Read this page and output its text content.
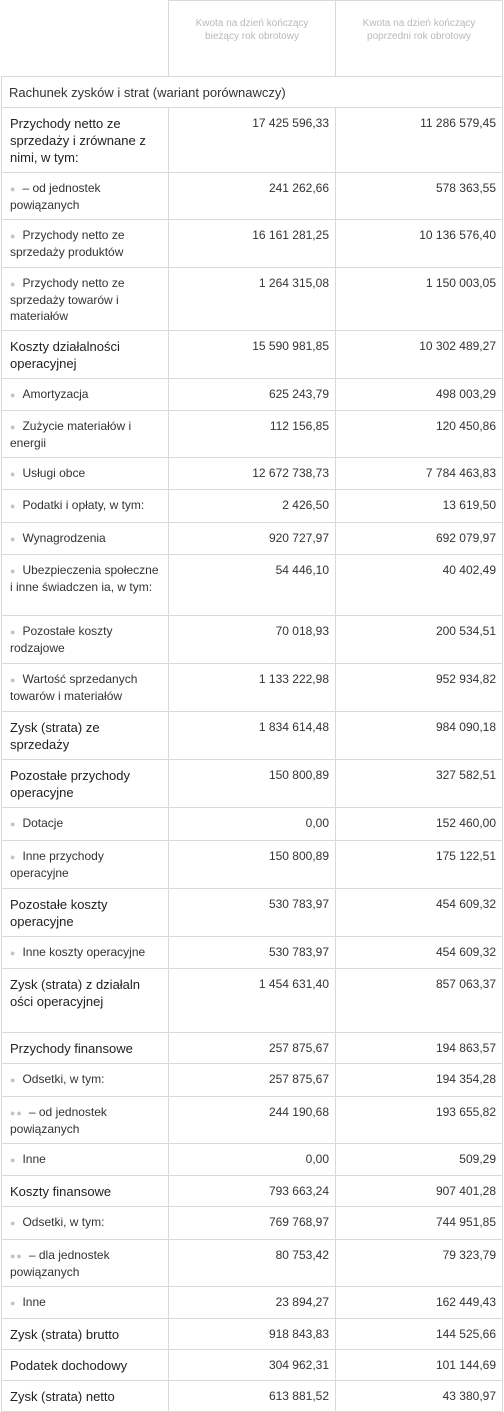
	Kwota na dzień kończący bieżący rok obrotowy	Kwota na dzień kończący poprzedni rok obrotowy

Rachunek zysków i strat (wariant porównawczy)		

Przychody netto ze sprzedaży i zrównane z nimi, w tym:	17 425 596,33	11 286 579,45

● – od jednostek powiązanych	241 262,66	578 363,55

● Przychody netto ze sprzedaży produktów	16 161 281,25	10 136 576,40

● Przychody netto ze sprzedaży towarów i materiałów	1 264 315,08	1 150 003,05

Koszty działalności operacyjnej	15 590 981,85	10 302 489,27

● Amortyzacja	625 243,79	498 003,29

● Zużycie materiałów i energii	112 156,85	120 450,86

● Usługi obce	12 672 738,73	7 784 463,83

● Podatki i opłaty, w tym:	2 426,50	13 619,50

● Wynagrodzenia	920 727,97	692 079,97

● Ubezpieczenia społeczne i inne świadczen ia, w tym:	54 446,10	40 402,49

● Pozostałe koszty rodzajowe	70 018,93	200 534,51

● Wartość sprzedanych towarów i materiałów	1 133 222,98	952 934,82

Zysk (strata) ze sprzedaży	1 834 614,48	984 090,18

Pozostałe przychody operacyjne	150 800,89	327 582,51

● Dotacje	0,00	152 460,00

● Inne przychody operacyjne	150 800,89	175 122,51

Pozostałe koszty operacyjne	530 783,97	454 609,32

● Inne koszty operacyjne	530 783,97	454 609,32

Zysk (strata) z działaln ości operacyjnej	1 454 631,40	857 063,37

Przychody finansowe	257 875,67	194 863,57

● Odsetki, w tym:	257 875,67	194 354,28

●● – od jednostek powiązanych	244 190,68	193 655,82

● Inne	0,00	509,29

Koszty finansowe	793 663,24	907 401,28

● Odsetki, w tym:	769 768,97	744 951,85

●● – dla jednostek powiązanych	80 753,42	79 323,79

● Inne	23 894,27	162 449,43

Zysk (strata) brutto	918 843,83	144 525,66

Podatek dochodowy	304 962,31	101 144,69

Zysk (strata) netto	613 881,52	43 380,97
